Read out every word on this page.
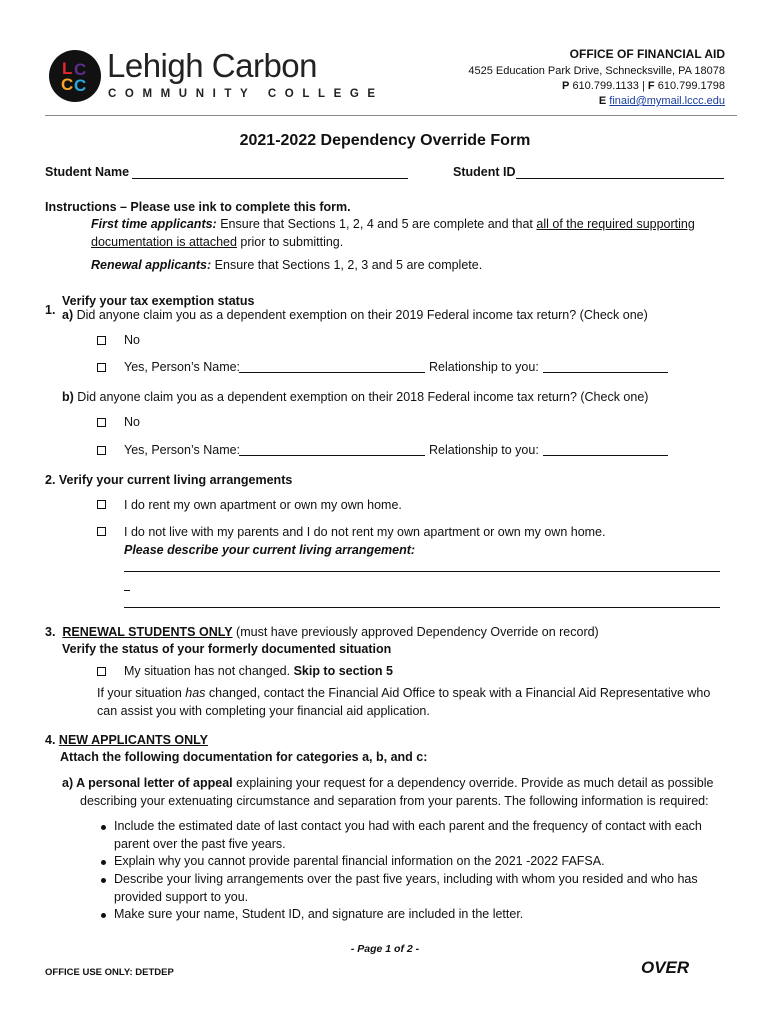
L C
C C
Lehigh Carbon
COMMUNITY COLLEGE
OFFICE OF FINANCIAL AID
4525 Education Park Drive, Schnecksville, PA 18078
P 610.799.1133 | F 610.799.1798
E finaid@mymail.lccc.edu
2021-2022 Dependency Override Form
Student Name	Student ID
Instructions – Please use ink to complete this form.
First time applicants: Ensure that Sections 1, 2, 4 and 5 are complete and that all of the required supporting
documentation is attached prior to submitting.
Renewal applicants: Ensure that Sections 1, 2, 3 and 5 are complete.
1.
Verify your tax exemption status
a) Did anyone claim you as a dependent exemption on their 2019 Federal income tax return? (Check one)
No
Yes, Person’s Name:	Relationship to you:
b) Did anyone claim you as a dependent exemption on their 2018 Federal income tax return? (Check one)
No
Yes, Person’s Name:	Relationship to you:
2. Verify your current living arrangements
I do rent my own apartment or own my own home.
I do not live with my parents and I do not rent my own apartment or own my own home.
Please describe your current living arrangement:
3. RENEWAL STUDENTS ONLY (must have previously approved Dependency Override on record)
Verify the status of your formerly documented situation
My situation has not changed. Skip to section 5
If your situation has changed, contact the Financial Aid Office to speak with a Financial Aid Representative who
can assist you with completing your financial aid application.
4. NEW APPLICANTS ONLY
Attach the following documentation for categories a, b, and c:
a) A personal letter of appeal explaining your request for a dependency override. Provide as much detail as possible
describing your extenuating circumstance and separation from your parents. The following information is required:
Include the estimated date of last contact you had with each parent and the frequency of contact with each
parent over the past five years.
Explain why you cannot provide parental financial information on the 2021 -2022 FAFSA.
Describe your living arrangements over the past five years, including with whom you resided and who has
provided support to you.
Make sure your name, Student ID, and signature are included in the letter.
- Page 1 of 2 -
OFFICE USE ONLY: DETDEP	OVER
